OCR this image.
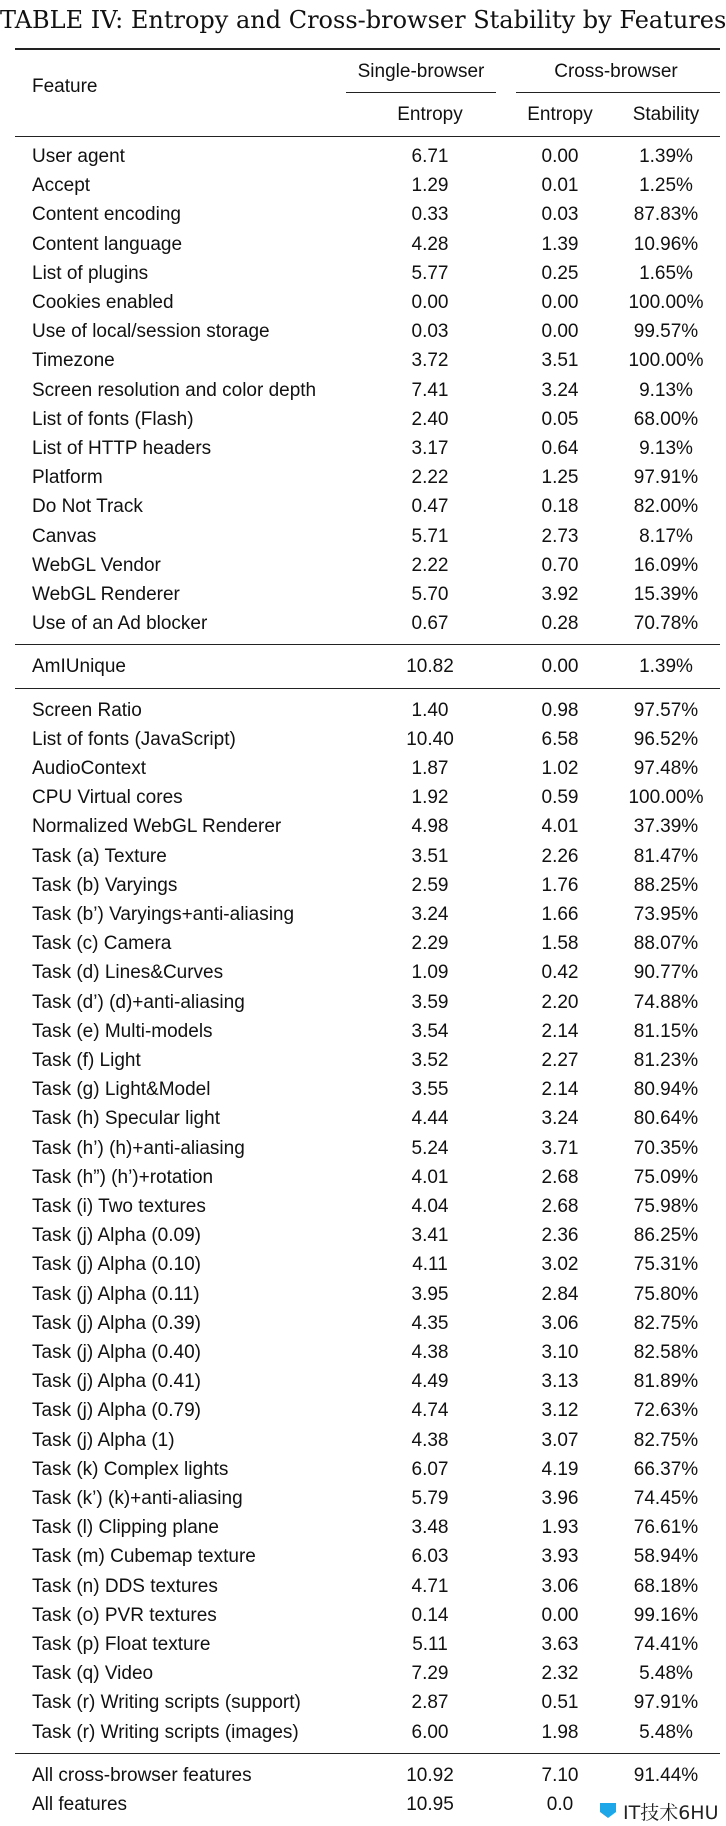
TABLE IV: Entropy and Cross-browser Stability by Features
Feature
Single-browser	Cross-browser
Entropy	Entropy	Stability
User agent	6.71	0.00	1.39%
Accept	1.29	0.01	1.25%
Content encoding	0.33	0.03	87.83%
Content language	4.28	1.39	10.96%
List of plugins	5.77	0.25	1.65%
Cookies enabled	0.00	0.00	100.00%
Use of local/session storage	0.03	0.00	99.57%
Timezone	3.72	3.51	100.00%
Screen resolution and color depth	7.41	3.24	9.13%
List of fonts (Flash)	2.40	0.05	68.00%
List of HTTP headers	3.17	0.64	9.13%
Platform	2.22	1.25	97.91%
Do Not Track	0.47	0.18	82.00%
Canvas	5.71	2.73	8.17%
WebGL Vendor	2.22	0.70	16.09%
WebGL Renderer	5.70	3.92	15.39%
Use of an Ad blocker	0.67	0.28	70.78%
AmIUnique	10.82	0.00	1.39%
Screen Ratio	1.40	0.98	97.57%
List of fonts (JavaScript)	10.40	6.58	96.52%
AudioContext	1.87	1.02	97.48%
CPU Virtual cores	1.92	0.59	100.00%
Normalized WebGL Renderer	4.98	4.01	37.39%
Task (a) Texture	3.51	2.26	81.47%
Task (b) Varyings	2.59	1.76	88.25%
Task (b’) Varyings+anti-aliasing	3.24	1.66	73.95%
Task (c) Camera	2.29	1.58	88.07%
Task (d) Lines&Curves	1.09	0.42	90.77%
Task (d’) (d)+anti-aliasing	3.59	2.20	74.88%
Task (e) Multi-models	3.54	2.14	81.15%
Task (f) Light	3.52	2.27	81.23%
Task (g) Light&Model	3.55	2.14	80.94%
Task (h) Specular light	4.44	3.24	80.64%
Task (h’) (h)+anti-aliasing	5.24	3.71	70.35%
Task (h”) (h’)+rotation	4.01	2.68	75.09%
Task (i) Two textures	4.04	2.68	75.98%
Task (j) Alpha (0.09)	3.41	2.36	86.25%
Task (j) Alpha (0.10)	4.11	3.02	75.31%
Task (j) Alpha (0.11)	3.95	2.84	75.80%
Task (j) Alpha (0.39)	4.35	3.06	82.75%
Task (j) Alpha (0.40)	4.38	3.10	82.58%
Task (j) Alpha (0.41)	4.49	3.13	81.89%
Task (j) Alpha (0.79)	4.74	3.12	72.63%
Task (j) Alpha (1)	4.38	3.07	82.75%
Task (k) Complex lights	6.07	4.19	66.37%
Task (k’) (k)+anti-aliasing	5.79	3.96	74.45%
Task (l) Clipping plane	3.48	1.93	76.61%
Task (m) Cubemap texture	6.03	3.93	58.94%
Task (n) DDS textures	4.71	3.06	68.18%
Task (o) PVR textures	0.14	0.00	99.16%
Task (p) Float texture	5.11	3.63	74.41%
Task (q) Video	7.29	2.32	5.48%
Task (r) Writing scripts (support)	2.87	0.51	97.91%
Task (r) Writing scripts (images)	6.00	1.98	5.48%
All cross-browser features	10.92	7.10	91.44%
All features	10.95	0.0	IT技术6HU
